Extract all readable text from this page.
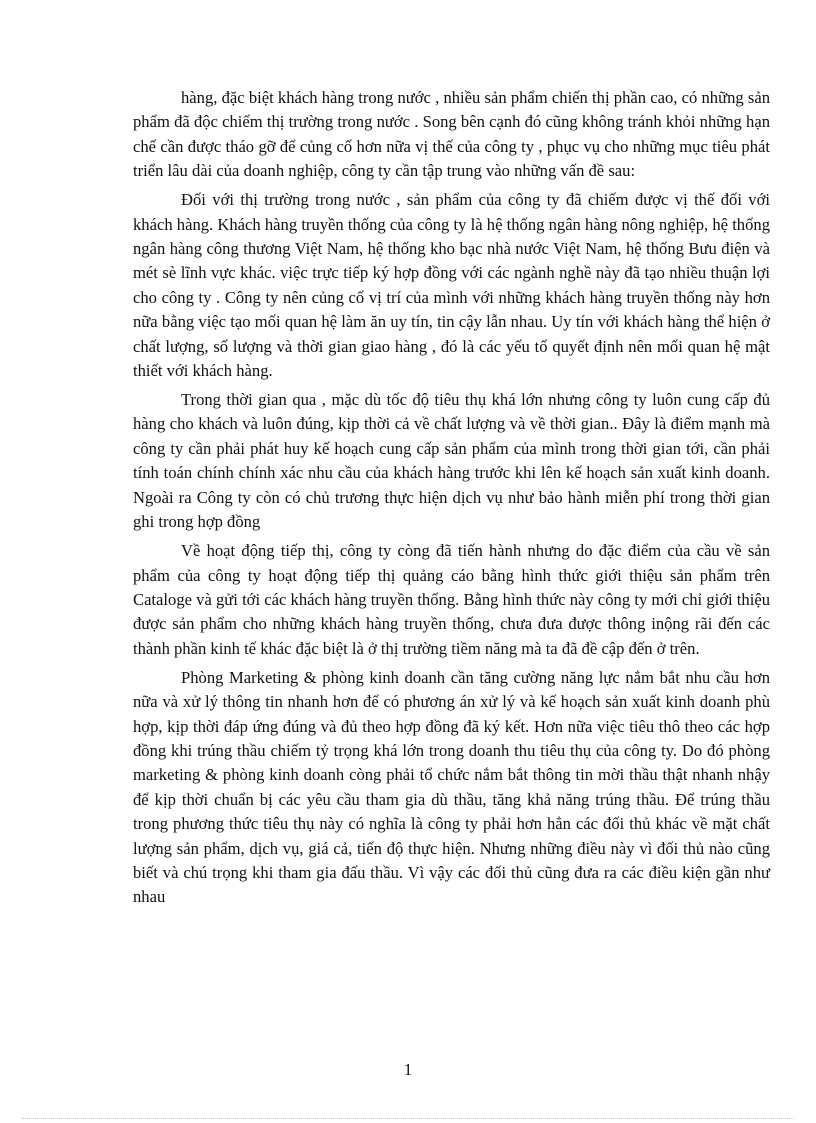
hàng, đặc biệt khách hàng trong nước , nhiều sản phẩm chiến thị phần cao, có những sản phẩm đã độc chiếm thị trường trong nước . Song bên cạnh đó cũng không tránh khỏi những hạn chế cần được tháo gỡ để củng cố hơn nữa vị thế của công ty , phục vụ cho những mục tiêu phát triển lâu dài của doanh nghiệp, công ty cần tập trung vào những vấn đề sau:

Đối với thị trường trong nước , sản phẩm của công ty đã chiếm được vị thế đối với khách hàng. Khách hàng truyền thống của công ty là hệ thống ngân hàng nông nghiệp, hệ thống ngân hàng công thương Việt Nam, hệ thống kho bạc nhà nước Việt Nam, hệ thống Bưu điện và mét sè lĩnh vực khác. việc trực tiếp ký hợp đồng với các ngành nghề này đã tạo nhiều thuận lợi cho công ty . Công ty nên củng cố vị trí của mình với những khách hàng truyền thống này hơn nữa bằng việc tạo mối quan hệ làm ăn uy tín, tin cậy lẫn nhau. Uy tín với khách hàng thể hiện ở chất lượng, số lượng và thời gian giao hàng , đó là các yếu tố quyết định nên mối quan hệ mật thiết với khách hàng.

Trong thời gian qua , mặc dù tốc độ tiêu thụ khá lớn nhưng công ty luôn cung cấp đủ hàng cho khách và luôn đúng, kịp thời cả về chất lượng và về thời gian.. Đây là điểm mạnh mà công ty cần phải phát huy kế hoạch cung cấp sản phẩm của mình trong thời gian tới, cần phải tính toán chính chính xác nhu cầu của khách hàng trước khi lên kế hoạch sản xuất kinh doanh. Ngoài ra Công ty còn có chủ trương thực hiện dịch vụ như bảo hành miễn phí trong thời gian ghi trong hợp đồng

Về hoạt động tiếp thị, công ty còng đã tiến hành nhưng do đặc điểm của cầu về sản phẩm của công ty hoạt động tiếp thị quảng cáo bằng hình thức giới thiệu sản phẩm trên Cataloge và gửi tới các khách hàng truyền thống. Bằng hình thức này công ty mới chỉ giới thiệu được sản phẩm cho những khách hàng truyền thống, chưa đưa được thông inộng rãi đến các thành phần kinh tế khác đặc biệt là ở thị trường tiềm năng mà ta đã đề cập đến ở trên.

Phòng Marketing & phòng kinh doanh cần tăng cường năng lực nắm bắt nhu cầu hơn nữa và xử lý thông tin nhanh hơn để có phương án xử lý và kế hoạch sản xuất kinh doanh phù hợp, kịp thời đáp ứng đúng và đủ theo hợp đồng đã ký kết. Hơn nữa việc tiêu thô theo các hợp đồng khi trúng thầu chiếm tỷ trọng khá lớn trong doanh thu tiêu thụ của công ty. Do đó phòng marketing & phòng kinh doanh còng phải tổ chức nắm bắt thông tin mời thầu thật nhanh nhậy để kịp thời chuẩn bị các yêu cầu tham gia dù thầu, tăng khả năng trúng thầu. Để trúng thầu trong phương thức tiêu thụ này có nghĩa là công ty phải hơn hẳn các đối thủ khác về mặt chất lượng sản phẩm, dịch vụ, giá cả, tiến độ thực hiện. Nhưng những điều này vì đối thủ nào cũng biết và chú trọng khi tham gia đấu thầu. Vì vậy các đối thủ cũng đưa ra các điều kiện gần như nhau

1
